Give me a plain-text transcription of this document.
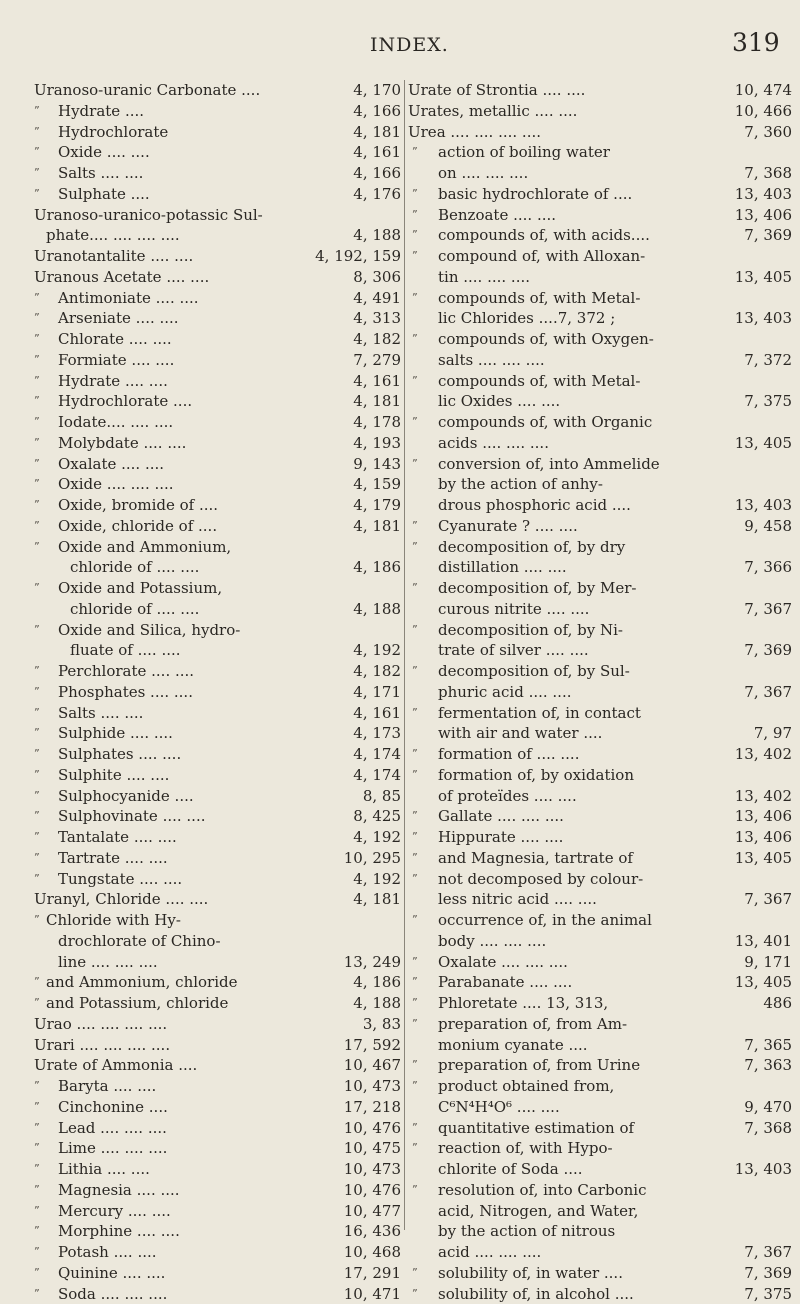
INDEX.	319
Uranoso-uranic Carbonate ....	4, 170
” Hydrate ....	4, 166
” Hydrochlorate	4, 181
” Oxide .... ....	4, 161
” Salts .... ....	4, 166
” Sulphate ....	4, 176
Uranoso-uranico-potassic Sul-
phate.... .... .... ....	4, 188
Uranotantalite .... ....	4, 192, 159
Uranous Acetate .... ....	8, 306
” Antimoniate .... ....	4, 491
” Arseniate .... ....	4, 313
” Chlorate .... ....	4, 182
” Formiate .... ....	7, 279
” Hydrate .... ....	4, 161
” Hydrochlorate ....	4, 181
” Iodate.... .... ....	4, 178
” Molybdate .... ....	4, 193
” Oxalate .... ....	9, 143
” Oxide .... .... ....	4, 159
” Oxide, bromide of ....	4, 179
” Oxide, chloride of ....	4, 181
” Oxide and Ammonium,
chloride of .... ....	4, 186
” Oxide and Potassium,
chloride of .... ....	4, 188
” Oxide and Silica, hydro-
fluate of .... ....	4, 192
” Perchlorate .... ....	4, 182
” Phosphates .... ....	4, 171
” Salts .... ....	4, 161
” Sulphide .... ....	4, 173
” Sulphates .... ....	4, 174
” Sulphite .... ....	4, 174
” Sulphocyanide ....	8, 85
” Sulphovinate .... ....	8, 425
” Tantalate .... ....	4, 192
” Tartrate .... ....	10, 295
” Tungstate .... ....	4, 192
Uranyl, Chloride .... ....	4, 181
” Chloride with Hy-
drochlorate of Chino-
line .... .... ....	13, 249
” and Ammonium, chloride	4, 186
” and Potassium, chloride	4, 188
Urao .... .... .... ....	3, 83
Urari .... .... .... ....	17, 592
Urate of Ammonia ....	10, 467
” Baryta .... ....	10, 473
” Cinchonine ....	17, 218
” Lead .... .... ....	10, 476
” Lime .... .... ....	10, 475
” Lithia .... ....	10, 473
” Magnesia .... ....	10, 476
” Mercury .... ....	10, 477
” Morphine .... ....	16, 436
” Potash .... ....	10, 468
” Quinine .... ....	17, 291
” Soda .... .... ....	10, 471
Urate of Strontia .... ....	10, 474
Urates, metallic .... ....	10, 466
Urea .... .... .... ....	7, 360
” action of boiling water
on .... .... ....	7, 368
” basic hydrochlorate of ....	13, 403
” Benzoate .... ....	13, 406
” compounds of, with acids....	7, 369
” compound of, with Alloxan-
tin .... .... ....	13, 405
” compounds of, with Metal-
lic Chlorides ....7, 372 ;	13, 403
” compounds of, with Oxygen-
salts .... .... ....	7, 372
” compounds of, with Metal-
lic Oxides .... ....	7, 375
” compounds of, with Organic
acids .... .... ....	13, 405
” conversion of, into Ammelide
by the action of anhy-
drous phosphoric acid ....	13, 403
” Cyanurate ? .... ....	9, 458
” decomposition of, by dry
distillation .... ....	7, 366
” decomposition of, by Mer-
curous nitrite .... ....	7, 367
” decomposition of, by Ni-
trate of silver .... ....	7, 369
” decomposition of, by Sul-
phuric acid .... ....	7, 367
” fermentation of, in contact
with air and water ....	7, 97
” formation of .... ....	13, 402
” formation of, by oxidation
of proteïdes .... ....	13, 402
” Gallate .... .... ....	13, 406
” Hippurate .... ....	13, 406
” and Magnesia, tartrate of	13, 405
” not decomposed by colour-
less nitric acid .... ....	7, 367
” occurrence of, in the animal
body .... .... ....	13, 401
” Oxalate .... .... ....	9, 171
” Parabanate .... ....	13, 405
” Phloretate .... 13, 313,	486
” preparation of, from Am-
monium cyanate ....	7, 365
” preparation of, from Urine	7, 363
” product obtained from,
C⁶N⁴H⁴O⁶ .... ....	9, 470
” quantitative estimation of	7, 368
” reaction of, with Hypo-
chlorite of Soda ....	13, 403
” resolution of, into Carbonic
acid, Nitrogen, and Water,
by the action of nitrous
acid .... .... ....	7, 367
” solubility of, in water ....	7, 369
” solubility of, in alcohol ....	7, 375
